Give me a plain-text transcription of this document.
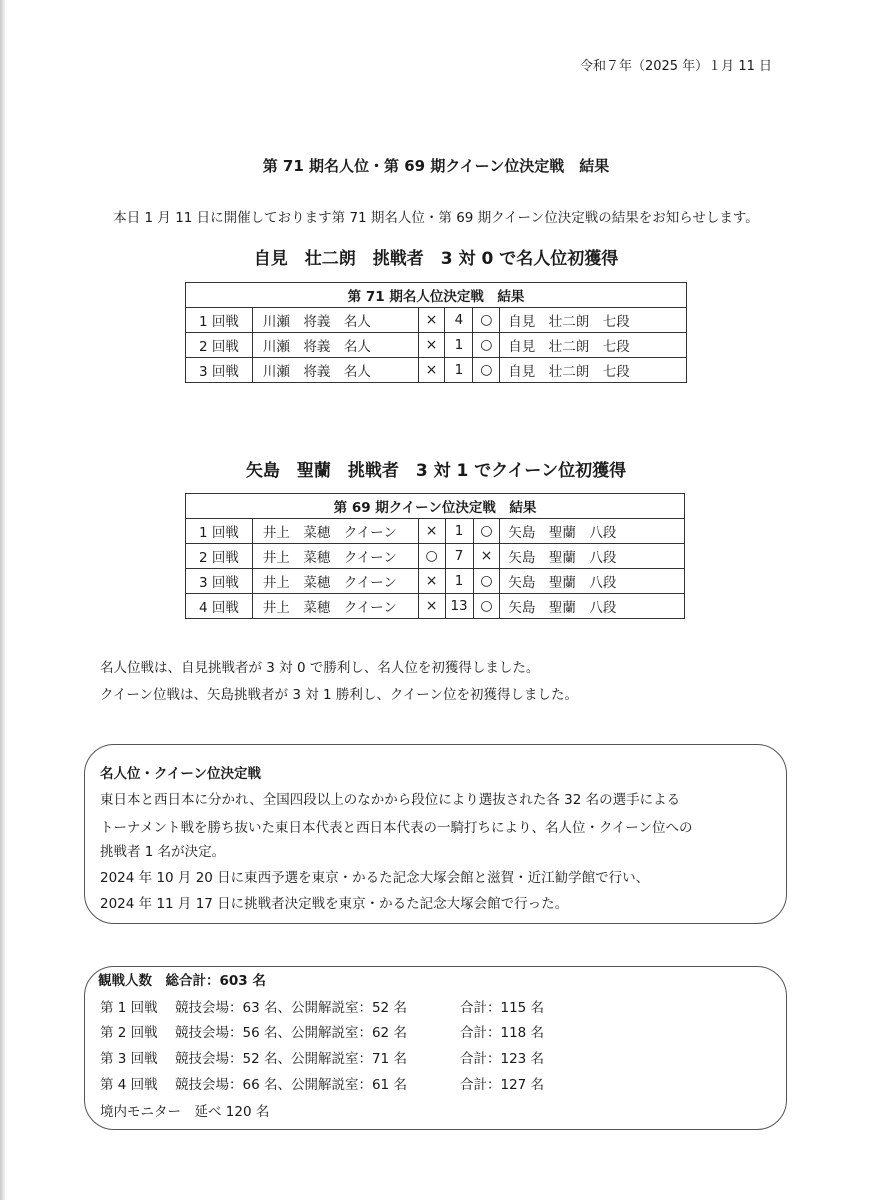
令和７年（2025 年）１月 11 日
第 71 期名人位・第 69 期クイーン位決定戦　結果
本日 1 月 11 日に開催しております第 71 期名人位・第 69 期クイーン位決定戦の結果をお知らせします。
自見　壮二朗　挑戦者　3 対 0 で名人位初獲得
第 71 期名人位決定戦　結果					
1 回戦	川瀬　将義　名人	×	4	○	自見　壮二朗　七段
2 回戦	川瀬　将義　名人	×	1	○	自見　壮二朗　七段
3 回戦	川瀬　将義　名人	×	1	○	自見　壮二朗　七段
矢島　聖蘭　挑戦者　3 対 1 でクイーン位初獲得
第 69 期クイーン位決定戦　結果					
1 回戦	井上　菜穂　クイーン	×	1	○	矢島　聖蘭　八段
2 回戦	井上　菜穂　クイーン	○	7	×	矢島　聖蘭　八段
3 回戦	井上　菜穂　クイーン	×	1	○	矢島　聖蘭　八段
4 回戦	井上　菜穂　クイーン	×	13	○	矢島　聖蘭　八段
名人位戦は、自見挑戦者が 3 対 0 で勝利し、名人位を初獲得しました。
クイーン位戦は、矢島挑戦者が 3 対 1 勝利し、クイーン位を初獲得しました。
名人位・クイーン位決定戦
東日本と西日本に分かれ、全国四段以上のなかから段位により選抜された各 32 名の選手による
トーナメント戦を勝ち抜いた東日本代表と西日本代表の一騎打ちにより、名人位・クイーン位への
挑戦者 1 名が決定。
2024 年 10 月 20 日に東西予選を東京・かるた記念大塚会館と滋賀・近江勧学館で行い、
2024 年 11 月 17 日に挑戦者決定戦を東京・かるた記念大塚会館で行った。
観戦人数　総合計：603 名
第 1 回戦 競技会場：63 名、公開解説室：52 名	合計：115 名
第 2 回戦 競技会場：56 名、公開解説室：62 名	合計：118 名
第 3 回戦 競技会場：52 名、公開解説室：71 名	合計：123 名
第 4 回戦 競技会場：66 名、公開解説室：61 名	合計：127 名
境内モニター　延べ 120 名
